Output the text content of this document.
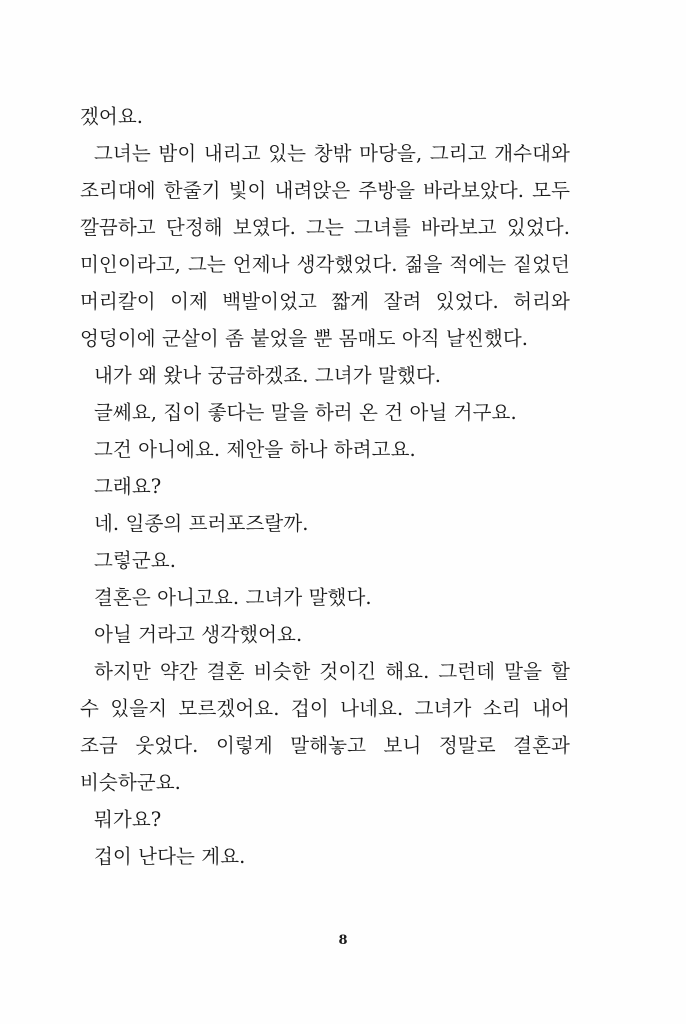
겠어요.

그녀는 밤이 내리고 있는 창밖 마당을, 그리고 개수대와 조리대에 한줄기 빛이 내려앉은 주방을 바라보았다. 모두 깔끔하고 단정해 보였다. 그는 그녀를 바라보고 있었다. 미인이라고, 그는 언제나 생각했었다. 젊을 적에는 짙었던 머리칼이 이제 백발이었고 짧게 잘려 있었다. 허리와 엉덩이에 군살이 좀 붙었을 뿐 몸매도 아직 날씬했다.

내가 왜 왔나 궁금하겠죠. 그녀가 말했다.

글쎄요, 집이 좋다는 말을 하러 온 건 아닐 거구요.

그건 아니에요. 제안을 하나 하려고요.

그래요?

네. 일종의 프러포즈랄까.

그렇군요.

결혼은 아니고요. 그녀가 말했다.

아닐 거라고 생각했어요.

하지만 약간 결혼 비슷한 것이긴 해요. 그런데 말을 할 수 있을지 모르겠어요. 겁이 나네요. 그녀가 소리 내어 조금 웃었다. 이렇게 말해놓고 보니 정말로 결혼과 비슷하군요.

뭐가요?

겁이 난다는 게요.

8
